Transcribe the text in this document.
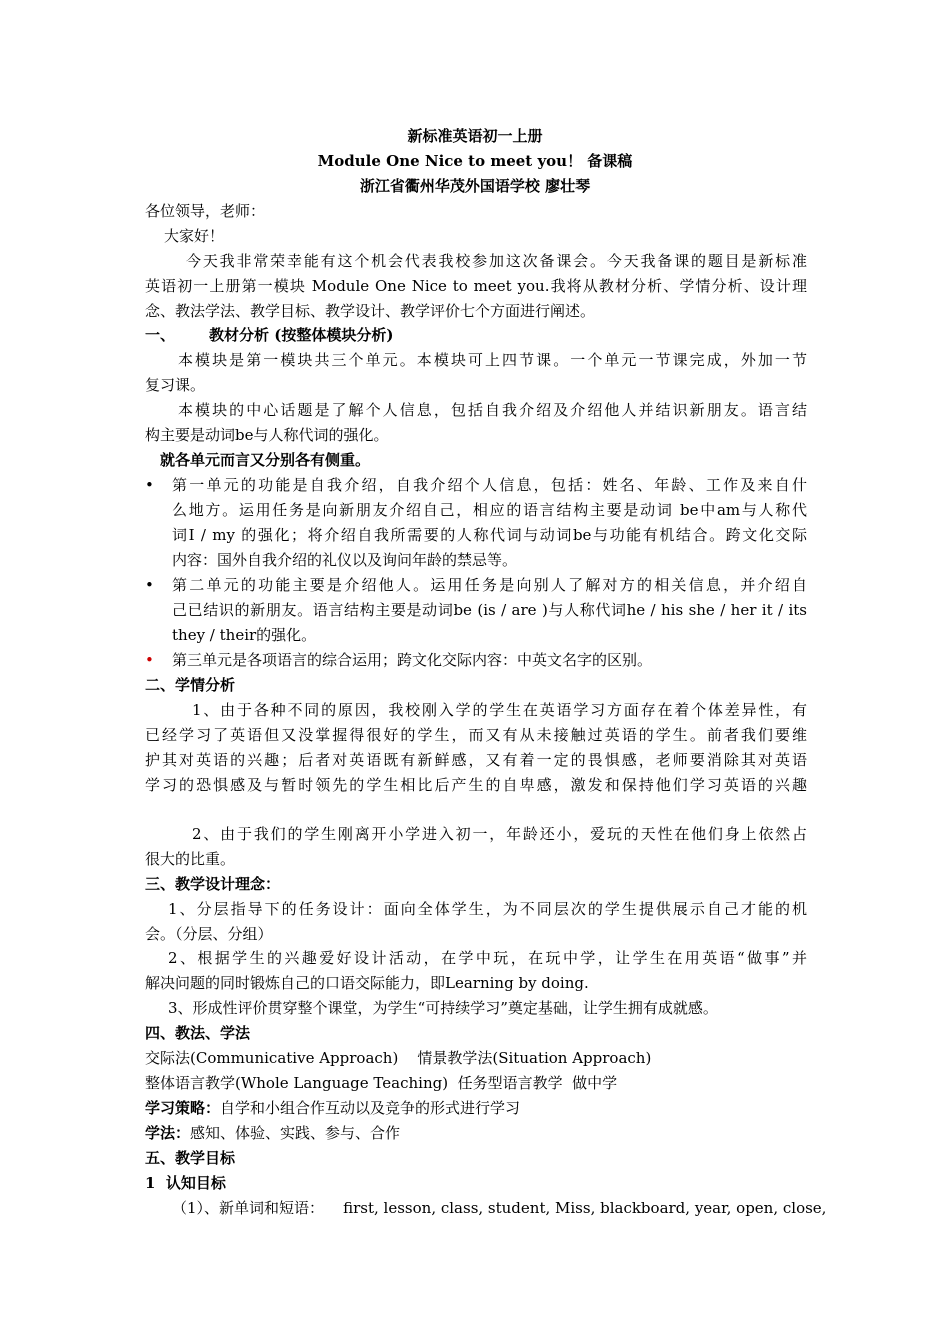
新标准英语初一上册
Module One Nice to meet you！ 备课稿
浙江省衢州华茂外国语学校 廖壮琴
各位领导，老师：
大家好！
今天我非常荣幸能有这个机会代表我校参加这次备课会。今天我备课的题目是新标准
英语初一上册第一模块 Module One Nice to meet you.我将从教材分析、学情分析、设计理
念、教法学法、教学目标、教学设计、教学评价七个方面进行阐述。
一、 教材分析 (按整体模块分析)
本模块是第一模块共三个单元。本模块可上四节课。一个单元一节课完成，外加一节
复习课。
本模块的中心话题是了解个人信息，包括自我介绍及介绍他人并结识新朋友。语言结
构主要是动词be与人称代词的强化。
就各单元而言又分别各有侧重。
• 第一单元的功能是自我介绍，自我介绍个人信息，包括：姓名、年龄、工作及来自什
么地方。运用任务是向新朋友介绍自己，相应的语言结构主要是动词 be中am与人称代
词I / my 的强化；将介绍自我所需要的人称代词与动词be与功能有机结合。跨文化交际
内容：国外自我介绍的礼仪以及询问年龄的禁忌等。
• 第二单元的功能主要是介绍他人。运用任务是向别人了解对方的相关信息，并介绍自
己已结识的新朋友。语言结构主要是动词be (is / are )与人称代词he / his she / her it / its
they / their的强化。
• 第三单元是各项语言的综合运用；跨文化交际内容：中英文名字的区别。
二、学情分析
1、由于各种不同的原因，我校刚入学的学生在英语学习方面存在着个体差异性，有
已经学习了英语但又没掌握得很好的学生，而又有从未接触过英语的学生。前者我们要维
护其对英语的兴趣；后者对英语既有新鲜感，又有着一定的畏惧感，老师要消除其对英语
学习的恐惧感及与暂时领先的学生相比后产生的自卑感，激发和保持他们学习英语的兴趣
2、由于我们的学生刚离开小学进入初一，年龄还小，爱玩的天性在他们身上依然占
很大的比重。
三、教学设计理念：
1、分层指导下的任务设计：面向全体学生，为不同层次的学生提供展示自己才能的机
会。（分层、分组）
2、根据学生的兴趣爱好设计活动，在学中玩，在玩中学，让学生在用英语“做事”并
解决问题的同时锻炼自己的口语交际能力，即Learning by doing.
3、形成性评价贯穿整个课堂，为学生“可持续学习”奠定基础，让学生拥有成就感。
四、教法、学法
交际法(Communicative Approach)    情景教学法(Situation Approach)
整体语言教学(Whole Language Teaching)  任务型语言教学  做中学
学习策略：自学和小组合作互动以及竞争的形式进行学习
学法：感知、体验、实践、参与、合作
五、教学目标
1  认知目标
（1）、新单词和短语：    first, lesson, class, student, Miss, blackboard, year, open, close,
